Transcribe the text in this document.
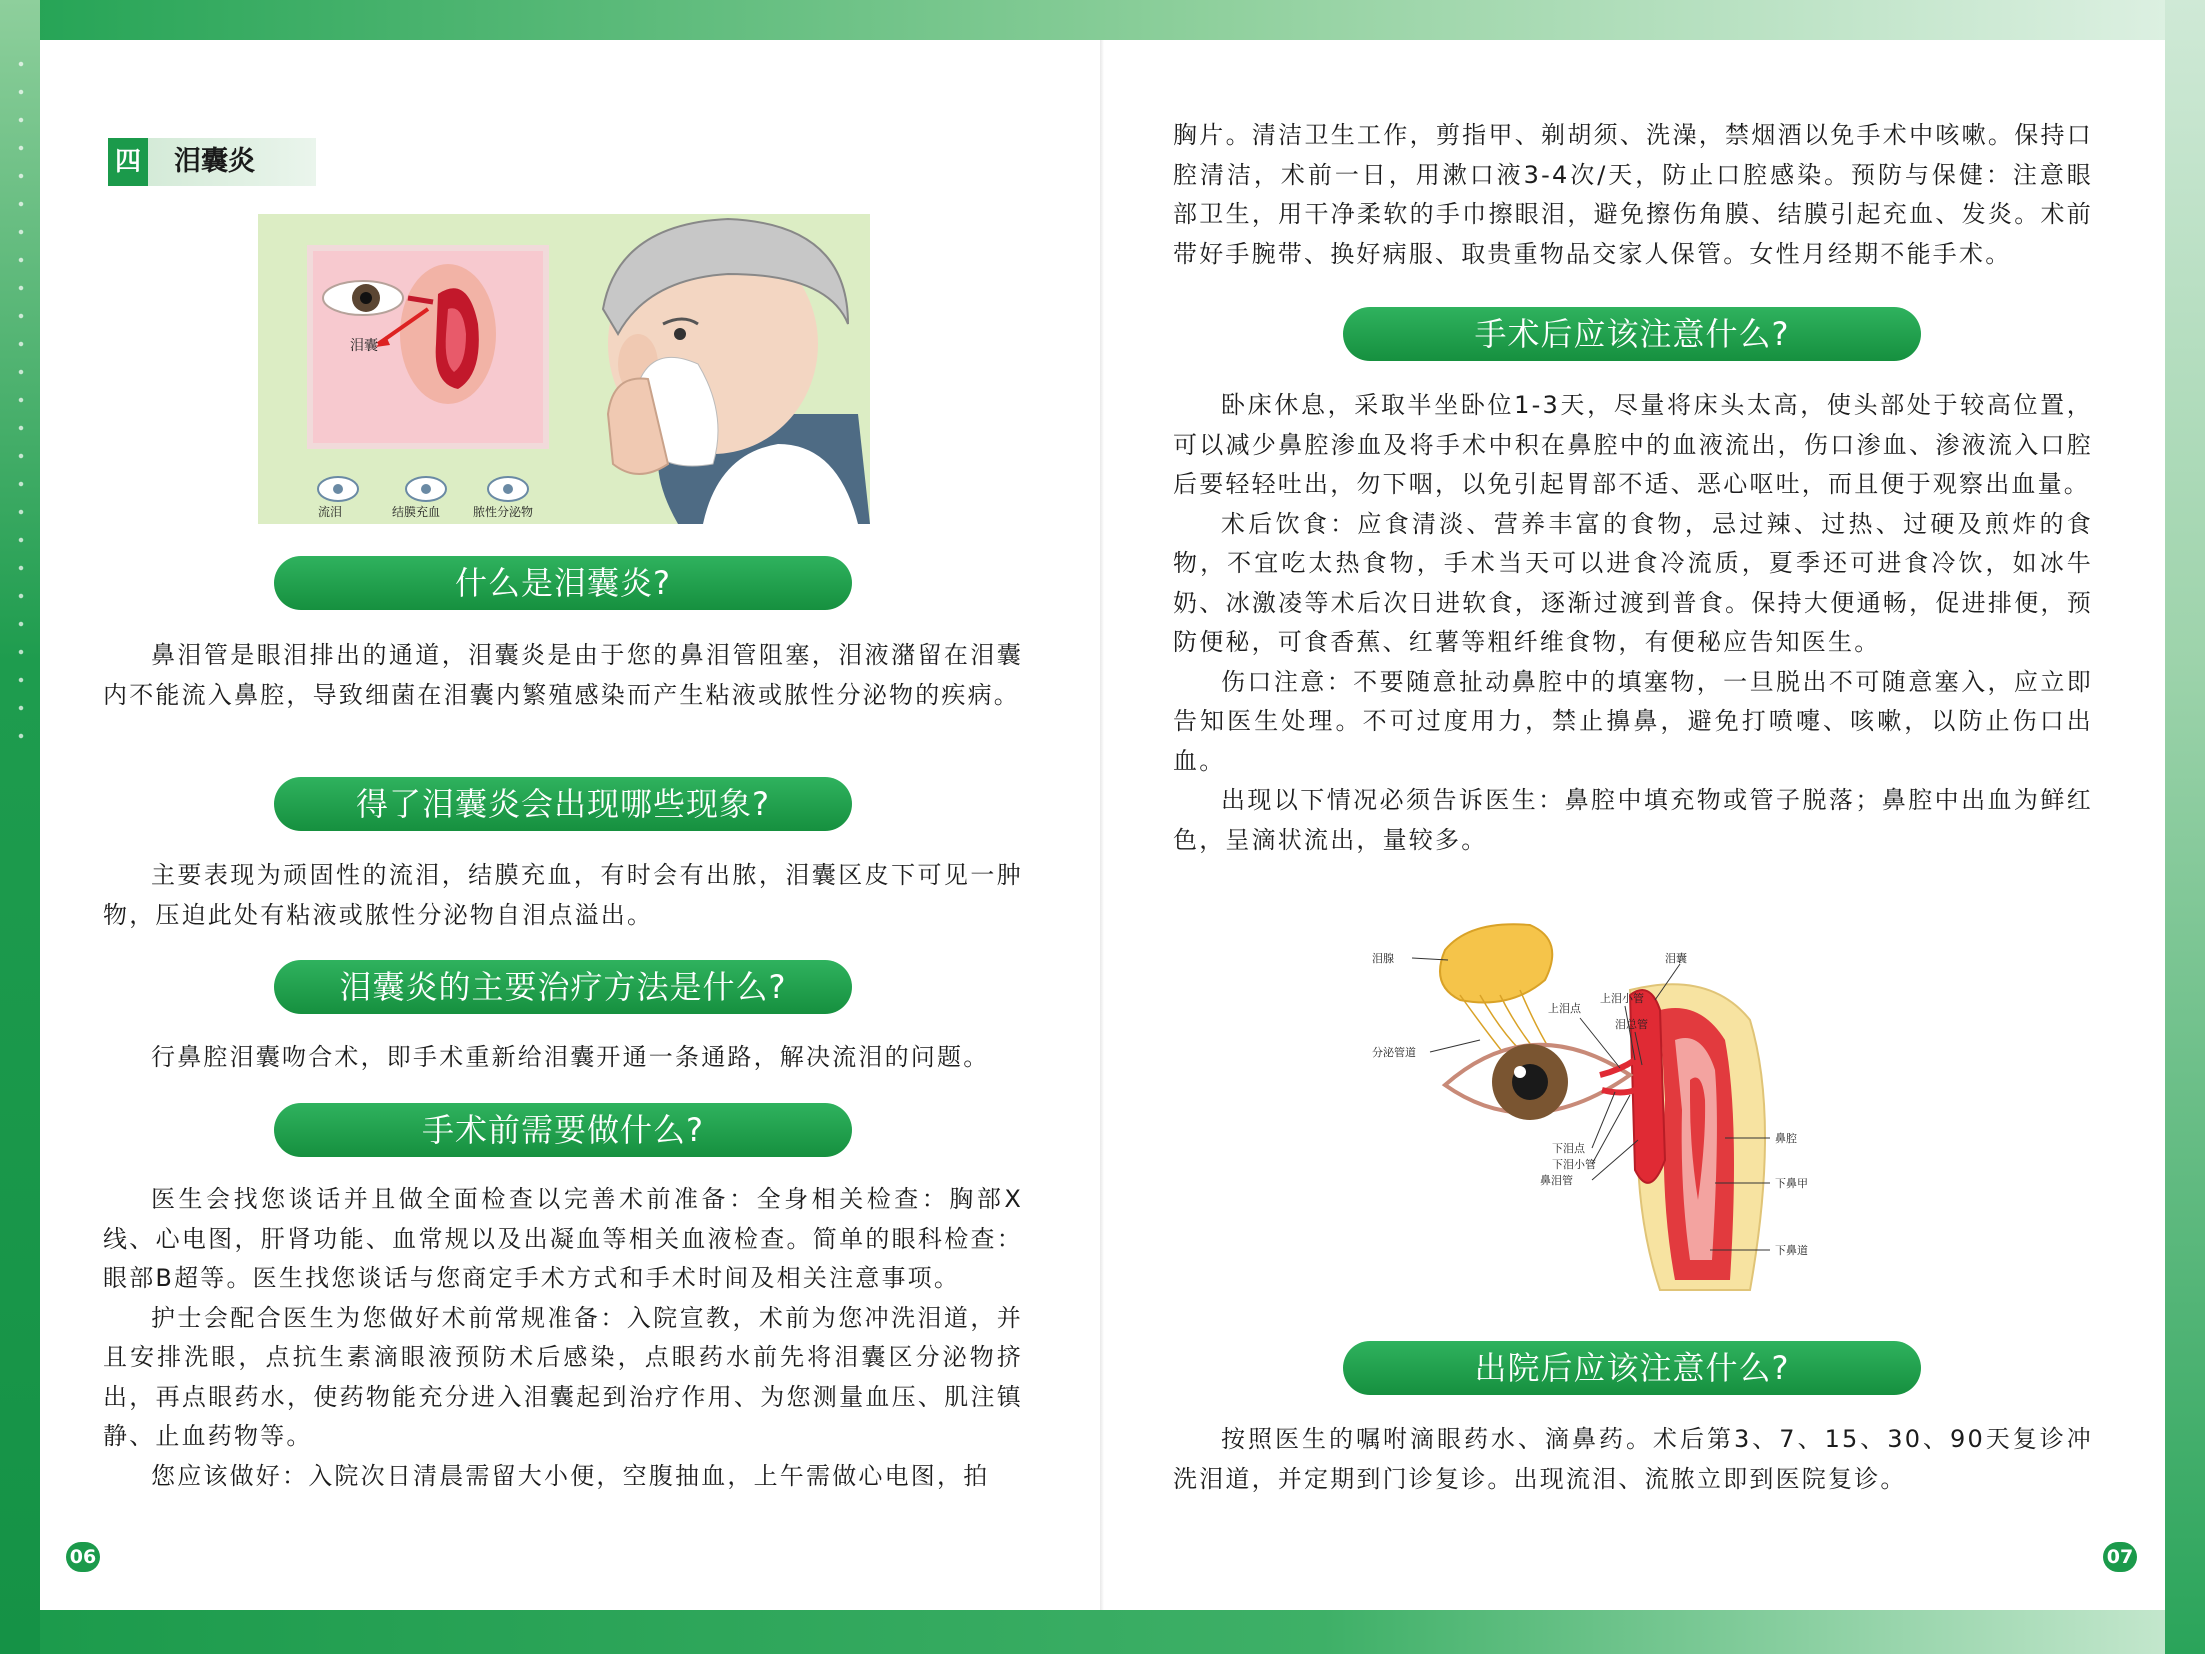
四 泪囊炎
泪囊
流泪	结膜充血	脓性分泌物
什么是泪囊炎?

鼻泪管是眼泪排出的通道，泪囊炎是由于您的鼻泪管阻塞，泪液潴留在泪囊内不能流入鼻腔，导致细菌在泪囊内繁殖感染而产生粘液或脓性分泌物的疾病。

得了泪囊炎会出现哪些现象?

主要表现为顽固性的流泪，结膜充血，有时会有出脓，泪囊区皮下可见一肿物，压迫此处有粘液或脓性分泌物自泪点溢出。

泪囊炎的主要治疗方法是什么?

行鼻腔泪囊吻合术，即手术重新给泪囊开通一条通路，解决流泪的问题。

手术前需要做什么?

医生会找您谈话并且做全面检查以完善术前准备：全身相关检查：胸部X线、心电图，肝肾功能、血常规以及出凝血等相关血液检查。简单的眼科检查：眼部B超等。医生找您谈话与您商定手术方式和手术时间及相关注意事项。

护士会配合医生为您做好术前常规准备：入院宣教，术前为您冲洗泪道，并且安排洗眼，点抗生素滴眼液预防术后感染，点眼药水前先将泪囊区分泌物挤出，再点眼药水，使药物能充分进入泪囊起到治疗作用、为您测量血压、肌注镇静、止血药物等。

您应该做好：入院次日清晨需留大小便，空腹抽血，上午需做心电图，拍

06

胸片。清洁卫生工作，剪指甲、剃胡须、洗澡，禁烟酒以免手术中咳嗽。保持口腔清洁，术前一日，用漱口液3-4次/天，防止口腔感染。预防与保健：注意眼部卫生，用干净柔软的手巾擦眼泪，避免擦伤角膜、结膜引起充血、发炎。术前带好手腕带、换好病服、取贵重物品交家人保管。女性月经期不能手术。

手术后应该注意什么?

卧床休息，采取半坐卧位1-3天，尽量将床头太高，使头部处于较高位置，可以减少鼻腔渗血及将手术中积在鼻腔中的血液流出，伤口渗血、渗液流入口腔后要轻轻吐出，勿下咽，以免引起胃部不适、恶心呕吐，而且便于观察出血量。

术后饮食：应食清淡、营养丰富的食物，忌过辣、过热、过硬及煎炸的食物，不宜吃太热食物，手术当天可以进食冷流质，夏季还可进食冷饮，如冰牛奶、冰激凌等术后次日进软食，逐渐过渡到普食。保持大便通畅，促进排便，预防便秘，可食香蕉、红薯等粗纤维食物，有便秘应告知医生。

伤口注意：不要随意扯动鼻腔中的填塞物，一旦脱出不可随意塞入，应立即告知医生处理。不可过度用力，禁止擤鼻，避免打喷嚏、咳嗽，以防止伤口出血。

出现以下情况必须告诉医生：鼻腔中填充物或管子脱落；鼻腔中出血为鲜红色，呈滴状流出，量较多。

泪腺
分泌管道
上泪点
上泪小管
泪总管
泪囊
下泪点
下泪小管
鼻泪管
鼻腔
下鼻甲
下鼻道
出院后应该注意什么?

按照医生的嘱咐滴眼药水、滴鼻药。术后第3、7、15、30、90天复诊冲洗泪道，并定期到门诊复诊。出现流泪、流脓立即到医院复诊。

07
